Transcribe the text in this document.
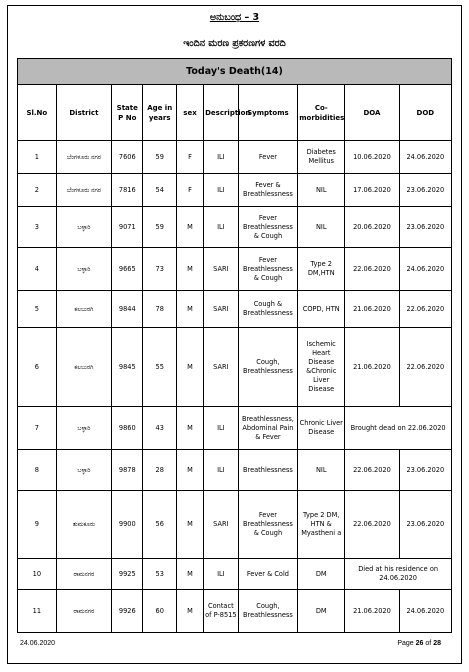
ಅನುಬಂಧ – 3
ಇಂದಿನ ಮರಣ ಪ್ರಕರಣಗಳ ವರದಿ
Today's Death(14)									
Sl.No	District	State P No	Age in years	sex	Description	Symptoms	Co-morbidities	DOA	DOD
1	ಬೆಂಗಳೂರು ನಗರ	7606	59	F	ILI	Fever	Diabetes Mellitus	10.06.2020	24.06.2020
2	ಬೆಂಗಳೂರು ನಗರ	7816	54	F	ILI	Fever & Breathlessness	NIL	17.06.2020	23.06.2020
3	ಬಳ್ಳಾರಿ	9071	59	M	ILI	Fever Breathlessness & Cough	NIL	20.06.2020	23.06.2020
4	ಬಳ್ಳಾರಿ	9665	73	M	SARI	Fever Breathlessness & Cough	Type 2 DM,HTN	22.06.2020	24.06.2020
5	ಕಲಬುರಗಿ	9844	78	M	SARI	Cough & Breathlessness	COPD, HTN	21.06.2020	22.06.2020
6	ಕಲಬುರಗಿ	9845	55	M	SARI	Cough, Breathlessness	Ischemic Heart Disease &Chronic Liver Disease	21.06.2020	22.06.2020
7	ಬಳ್ಳಾರಿ	9860	43	M	ILI	Breathlessness, Abdominal Pain & Fever	Chronic Liver Disease	Brought dead on 22.06.2020	
8	ಬಳ್ಳಾರಿ	9878	28	M	ILI	Breathlessness	NIL	22.06.2020	23.06.2020
9	ತುಮಕೂರು	9900	56	M	SARI	Fever Breathlessness & Cough	Type 2 DM, HTN & Myastheni a	22.06.2020	23.06.2020
10	ರಾಮನಗರ	9925	53	M	ILI	Fever & Cold	DM	Died at his residence on 24.06.2020	
11	ರಾಮನಗರ	9926	60	M	Contact of P-8515	Cough, Breathlessness	DM	21.06.2020	24.06.2020
24.06.2020	Page 26 of 28
